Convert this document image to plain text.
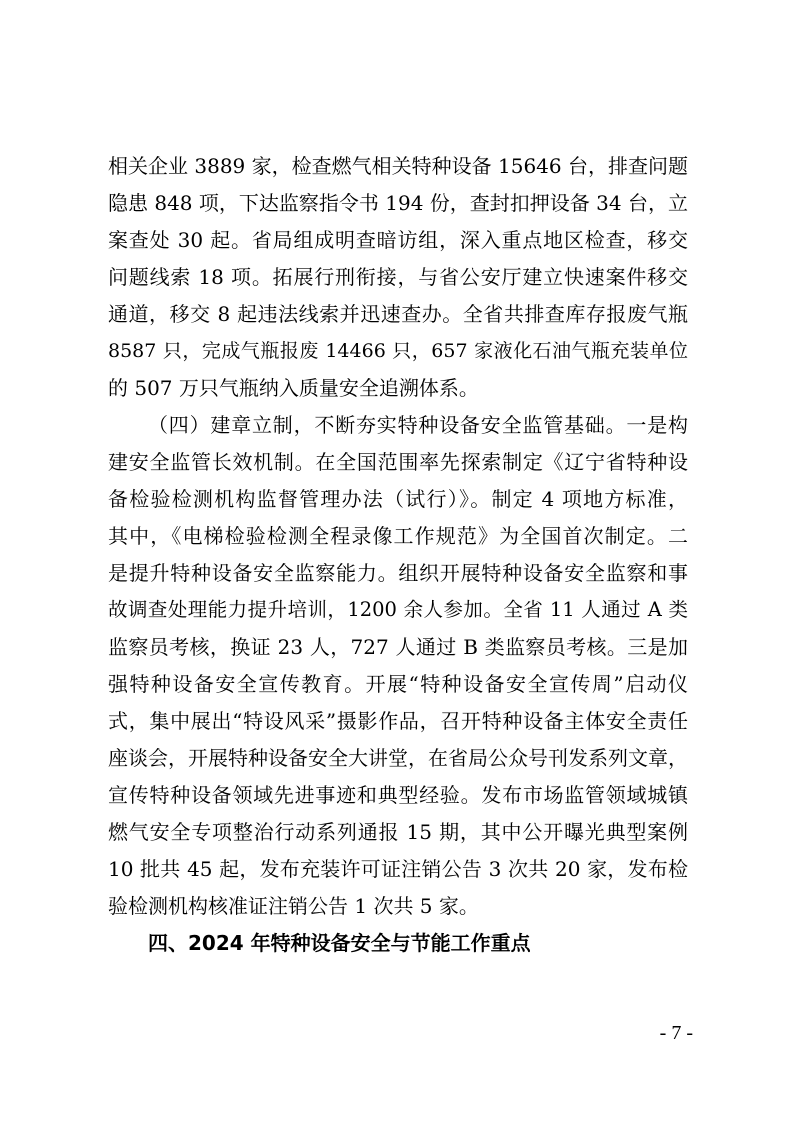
相关企业 3889 家，检查燃气相关特种设备 15646 台，排查问题
隐患 848 项，下达监察指令书 194 份，查封扣押设备 34 台，立
案查处 30 起。省局组成明查暗访组，深入重点地区检查，移交
问题线索 18 项。拓展行刑衔接，与省公安厅建立快速案件移交
通道，移交 8 起违法线索并迅速查办。全省共排查库存报废气瓶
8587 只，完成气瓶报废 14466 只，657 家液化石油气瓶充装单位
的 507 万只气瓶纳入质量安全追溯体系。
（四）建章立制，不断夯实特种设备安全监管基础。一是构
建安全监管长效机制。在全国范围率先探索制定《辽宁省特种设
备检验检测机构监督管理办法（试行）》。制定 4 项地方标准，
其中，《电梯检验检测全程录像工作规范》为全国首次制定。二
是提升特种设备安全监察能力。组织开展特种设备安全监察和事
故调查处理能力提升培训，1200 余人参加。全省 11 人通过 A 类
监察员考核，换证 23 人，727 人通过 B 类监察员考核。三是加
强特种设备安全宣传教育。开展“特种设备安全宣传周”启动仪
式，集中展出“特设风采”摄影作品，召开特种设备主体安全责任
座谈会，开展特种设备安全大讲堂，在省局公众号刊发系列文章，
宣传特种设备领域先进事迹和典型经验。发布市场监管领域城镇
燃气安全专项整治行动系列通报 15 期，其中公开曝光典型案例
10 批共 45 起，发布充装许可证注销公告 3 次共 20 家，发布检
验检测机构核准证注销公告 1 次共 5 家。
四、2024 年特种设备安全与节能工作重点
- 7 -
